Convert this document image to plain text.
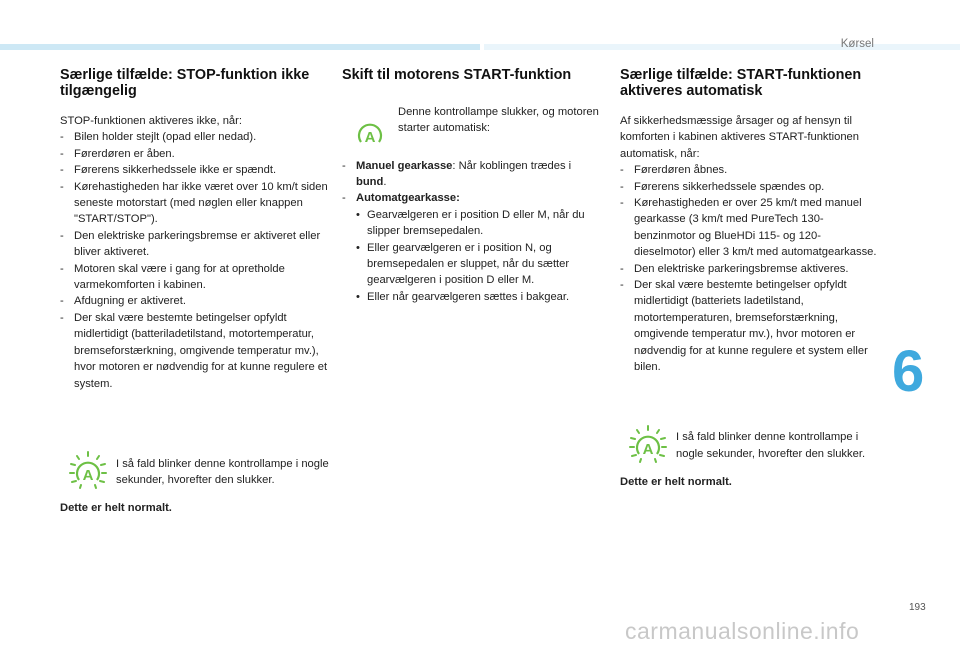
Kørsel
6
193
carmanualsonline.info
Særlige tilfælde: STOP-funktion ikke tilgængelig

STOP-funktionen aktiveres ikke, når:

- Bilen holder stejlt (opad eller nedad).
- Førerdøren er åben.
- Førerens sikkerhedssele ikke er spændt.
- Kørehastigheden har ikke været over 10 km/t siden seneste motorstart (med nøglen eller knappen "START/STOP").
- Den elektriske parkeringsbremse er aktiveret eller bliver aktiveret.
- Motoren skal være i gang for at opretholde varmekomforten i kabinen.
- Afdugning er aktiveret.
- Der skal være bestemte betingelser opfyldt midlertidigt (batteriladetilstand, motortemperatur, bremseforstærkning, omgivende temperatur mv.), hvor motoren er nødvendig for at kunne regulere et system.
A
I så fald blinker denne kontrollampe i nogle sekunder, hvorefter den slukker.

Dette er helt normalt.

Skift til motorens START-funktion
A
Denne kontrollampe slukker, og motoren starter automatisk:
- Manuel gearkasse: Når koblingen trædes i bund.
- Automatgearkasse:
• Gearvælgeren er i position D eller M, når du slipper bremsepedalen.
• Eller gearvælgeren er i position N, og bremsepedalen er sluppet, når du sætter gearvælgeren i position D eller M.
• Eller når gearvælgeren sættes i bakgear.
Særlige tilfælde: START-funktionen aktiveres automatisk

Af sikkerhedsmæssige årsager og af hensyn til komforten i kabinen aktiveres START-funktionen automatisk, når:

- Førerdøren åbnes.
- Førerens sikkerhedssele spændes op.
- Kørehastigheden er over 25 km/t med manuel gearkasse (3 km/t med PureTech 130-benzinmotor og BlueHDi 115- og 120-dieselmotor) eller 3 km/t med automatgearkasse.
- Den elektriske parkeringsbremse aktiveres.
- Der skal være bestemte betingelser opfyldt midlertidigt (batteriets ladetilstand, motortemperaturen, bremseforstærkning, omgivende temperatur mv.), hvor motoren er nødvendig for at kunne regulere et system eller bilen.
A
I så fald blinker denne kontrollampe i nogle sekunder, hvorefter den slukker.

Dette er helt normalt.
